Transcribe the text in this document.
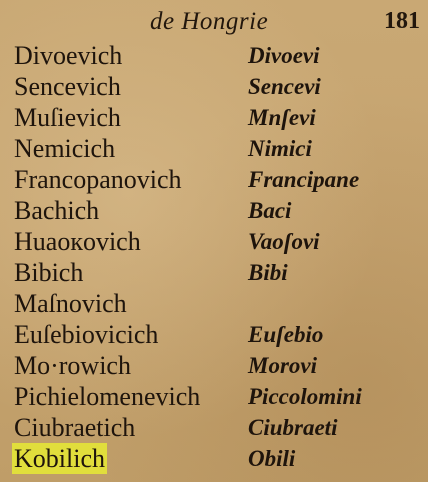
de Hongrie	181
Divoevich	Divoevi
Sencevich	Sencevi
Muſievich	Mnſevi
Nemicich	Nimici
Francopanovich	Francipane
Bachich	Baci
Huaoкovich	Vaoſovi
Bibich	Bibi
Maſnovich
Euſebiovicich	Euſebio
Mo·rowich	Morovi
Pichielomenevich Piccolomini
Ciubraetich	Ciubraeti
Kobilich	Obili
